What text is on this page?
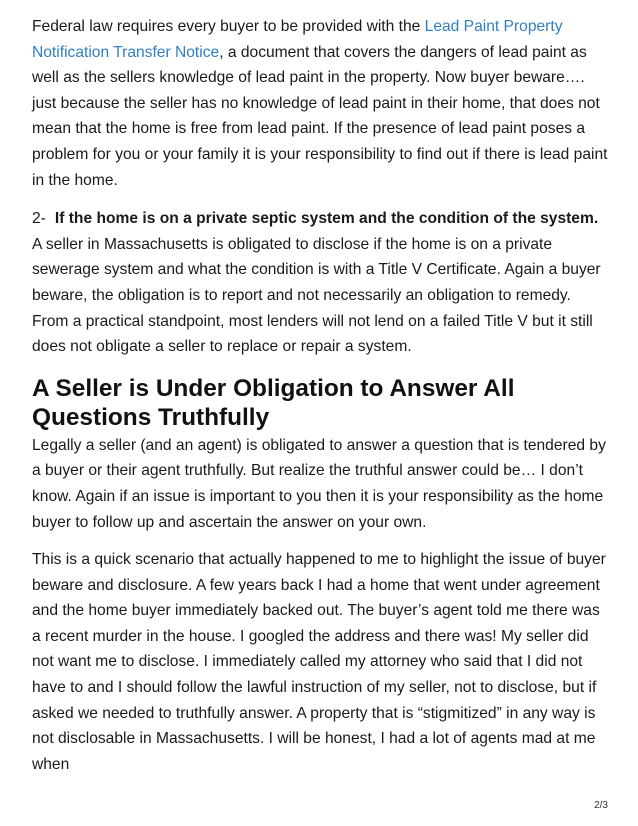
Federal law requires every buyer to be provided with the Lead Paint Property Notification Transfer Notice, a document that covers the dangers of lead paint as well as the sellers knowledge of lead paint in the property. Now buyer beware…. just because the seller has no knowledge of lead paint in their home, that does not mean that the home is free from lead paint. If the presence of lead paint poses a problem for you or your family it is your responsibility to find out if there is lead paint in the home.

2- If the home is on a private septic system and the condition of the system. A seller in Massachusetts is obligated to disclose if the home is on a private sewerage system and what the condition is with a Title V Certificate. Again a buyer beware, the obligation is to report and not necessarily an obligation to remedy. From a practical standpoint, most lenders will not lend on a failed Title V but it still does not obligate a seller to replace or repair a system.

A Seller is Under Obligation to Answer All Questions Truthfully

Legally a seller (and an agent) is obligated to answer a question that is tendered by a buyer or their agent truthfully. But realize the truthful answer could be… I don’t know. Again if an issue is important to you then it is your responsibility as the home buyer to follow up and ascertain the answer on your own.

This is a quick scenario that actually happened to me to highlight the issue of buyer beware and disclosure. A few years back I had a home that went under agreement and the home buyer immediately backed out. The buyer’s agent told me there was a recent murder in the house. I googled the address and there was! My seller did not want me to disclose. I immediately called my attorney who said that I did not have to and I should follow the lawful instruction of my seller, not to disclose, but if asked we needed to truthfully answer. A property that is “stigmitized” in any way is not disclosable in Massachusetts. I will be honest, I had a lot of agents mad at me when

2/3
